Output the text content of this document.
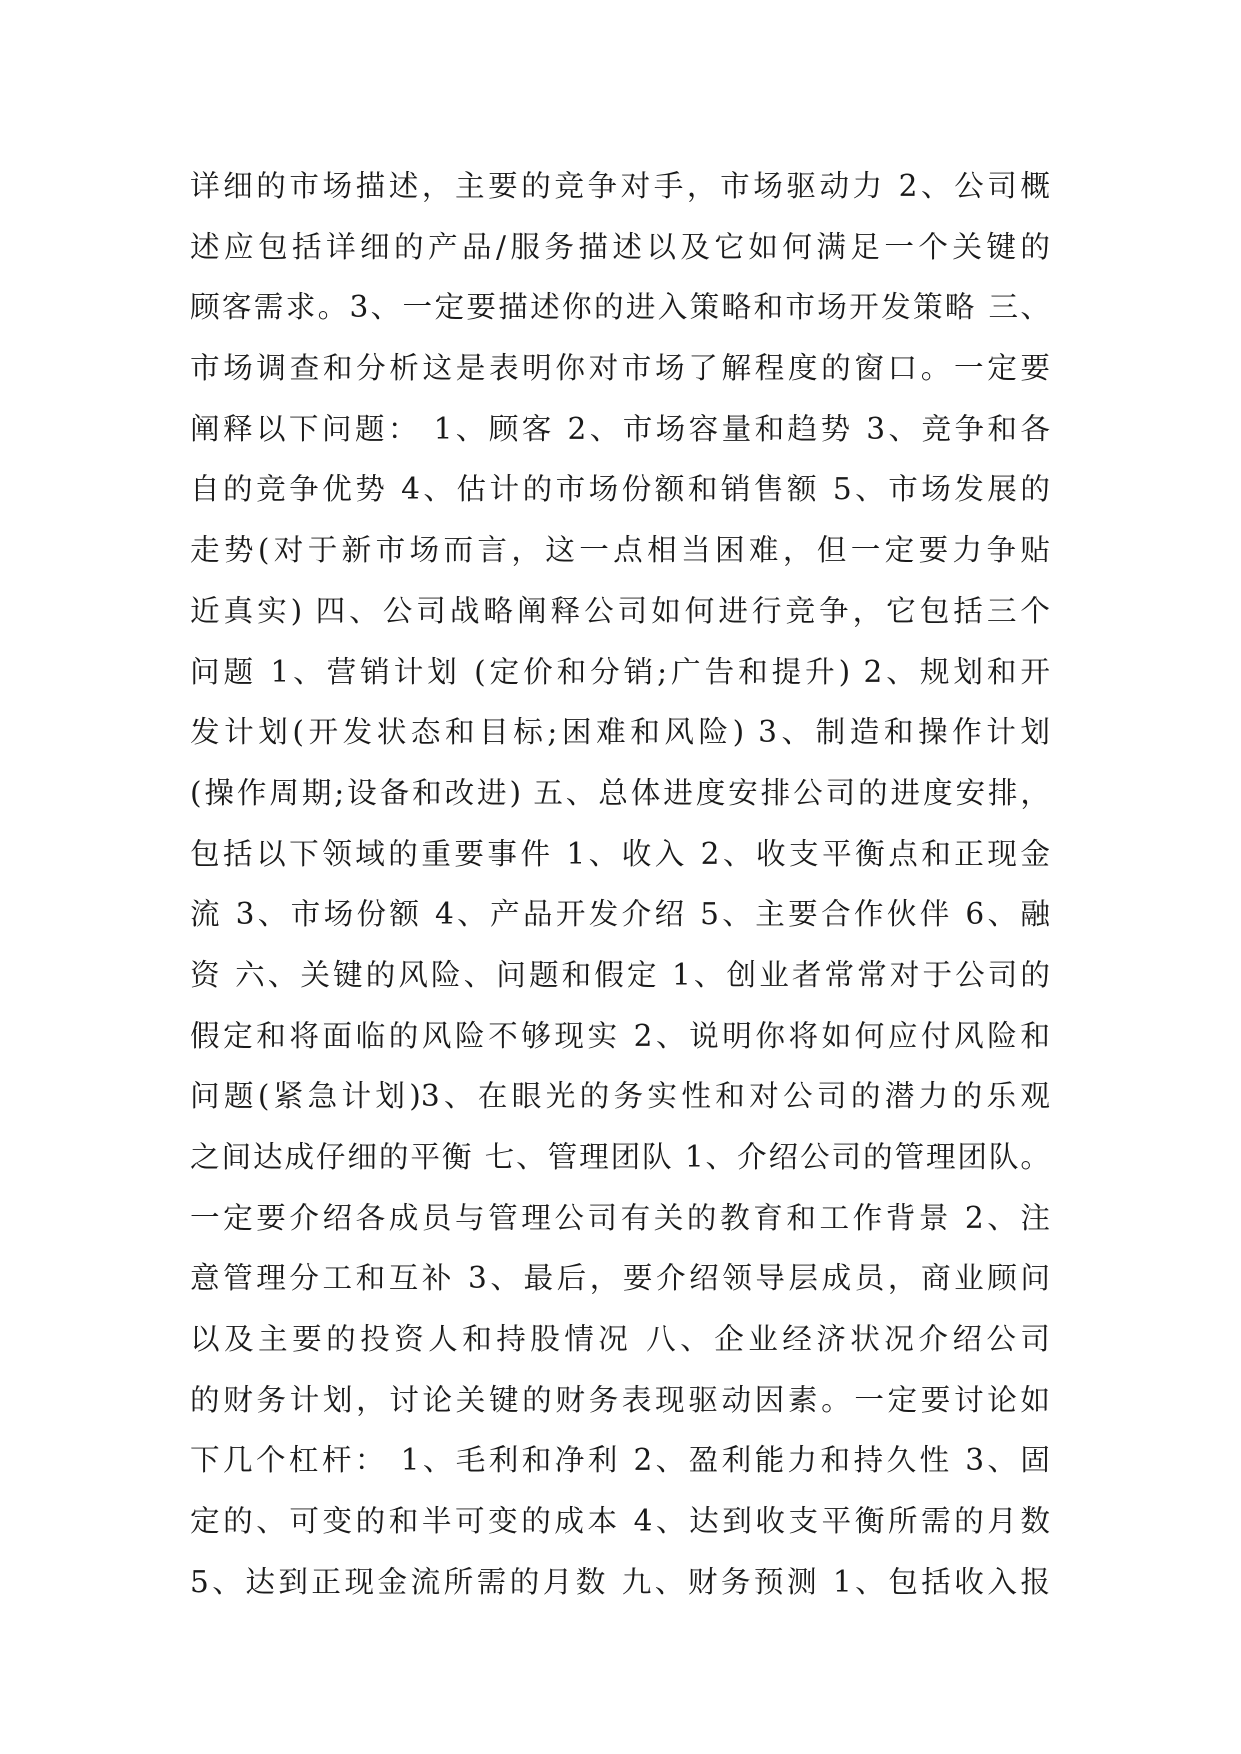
详细的市场描述，主要的竞争对手，市场驱动力 2、公司概
述应包括详细的产品/服务描述以及它如何满足一个关键的
顾客需求。3、一定要描述你的进入策略和市场开发策略 三、
市场调查和分析这是表明你对市场了解程度的窗口。一定要
阐释以下问题： 1、顾客 2、市场容量和趋势 3、竞争和各
自的竞争优势 4、估计的市场份额和销售额 5、市场发展的
走势(对于新市场而言，这一点相当困难，但一定要力争贴
近真实) 四、公司战略阐释公司如何进行竞争，它包括三个
问题 1、营销计划 (定价和分销;广告和提升) 2、规划和开
发计划(开发状态和目标;困难和风险) 3、制造和操作计划
(操作周期;设备和改进) 五、总体进度安排公司的进度安排，
包括以下领域的重要事件 1、收入 2、收支平衡点和正现金
流 3、市场份额 4、产品开发介绍 5、主要合作伙伴 6、融
资 六、关键的风险、问题和假定 1、创业者常常对于公司的
假定和将面临的风险不够现实 2、说明你将如何应付风险和
问题(紧急计划)3、在眼光的务实性和对公司的潜力的乐观
之间达成仔细的平衡 七、管理团队 1、介绍公司的管理团队。
一定要介绍各成员与管理公司有关的教育和工作背景 2、注
意管理分工和互补 3、最后，要介绍领导层成员，商业顾问
以及主要的投资人和持股情况 八、企业经济状况介绍公司
的财务计划，讨论关键的财务表现驱动因素。一定要讨论如
下几个杠杆： 1、毛利和净利 2、盈利能力和持久性 3、固
定的、可变的和半可变的成本 4、达到收支平衡所需的月数
5、达到正现金流所需的月数 九、财务预测 1、包括收入报
